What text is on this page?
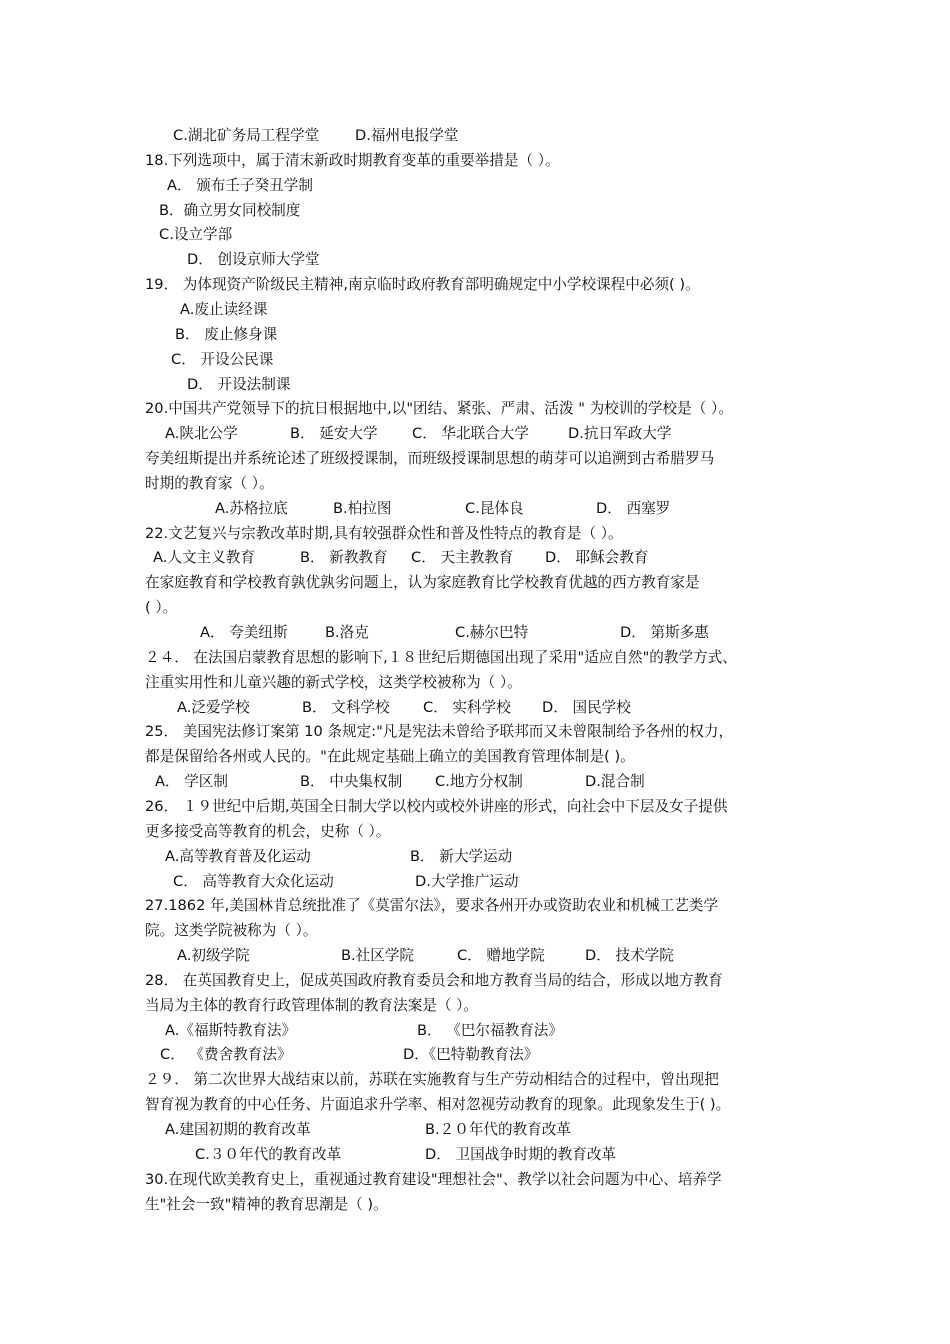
C.湖北矿务局工程学堂 D.福州电报学堂
18.下列选项中，属于清末新政时期教育变革的重要举措是（ ）。
A． 颁布壬子癸丑学制
B．确立男女同校制度
C.设立学部
D． 创设京师大学堂
19． 为体现资产阶级民主精神,南京临时政府教育部明确规定中小学校课程中必须( )。
A.废止读经课
B． 废止修身课
C． 开设公民课
D． 开设法制课
20.中国共产党领导下的抗日根据地中,以"团结、紧张、严肃、活泼 " 为校训的学校是（ ）。
A.陕北公学	B． 延安大学 C． 华北联合大学	D.抗日军政大学
夸美纽斯提出并系统论述了班级授课制，而班级授课制思想的萌芽可以追溯到古希腊罗马
时期的教育家（ ）。
A.苏格拉底	B.柏拉图	C.昆体良	D． 西塞罗
22.文艺复兴与宗教改革时期,具有较强群众性和普及性特点的教育是（ ）。
A.人文主义教育	B． 新教教育 C． 天主教教育 D． 耶稣会教育
在家庭教育和学校教育孰优孰劣问题上，认为家庭教育比学校教育优越的西方教育家是
( ）。
A． 夸美纽斯	B.洛克	C.赫尔巴特	D． 第斯多惠
２４． 在法国启蒙教育思想的影响下,１８世纪后期德国出现了采用"适应自然"的教学方式、
注重实用性和儿童兴趣的新式学校，这类学校被称为（ ）。
A.泛爱学校	B． 文科学校 C． 实科学校 D． 国民学校
25． 美国宪法修订案第 10 条规定:"凡是宪法未曾给予联邦而又未曾限制给予各州的权力，
都是保留给各州或人民的。"在此规定基础上确立的美国教育管理体制是( )。
A． 学区制	B． 中央集权制 C.地方分权制	D.混合制
26． １９世纪中后期,英国全日制大学以校内或校外讲座的形式，向社会中下层及女子提供
更多接受高等教育的机会，史称（ ）。
A.高等教育普及化运动	B． 新大学运动
C． 高等教育大众化运动	D.大学推广运动
27.1862 年,美国林肯总统批准了《莫雷尔法》，要求各州开办或资助农业和机械工艺类学
院。这类学院被称为（ ）。
A.初级学院	B.社区学院	C． 赠地学院	D． 技术学院
28． 在英国教育史上，促成英国政府教育委员会和地方教育当局的结合，形成以地方教育
当局为主体的教育行政管理体制的教育法案是（ ）。
A.《福斯特教育法》	B． 《巴尔福教育法》
C． 《费舍教育法》	D．《巴特勒教育法》
２９． 第二次世界大战结束以前，苏联在实施教育与生产劳动相结合的过程中，曾出现把
智育视为教育的中心任务、片面追求升学率、相对忽视劳动教育的现象。此现象发生于( )。
A.建国初期的教育改革	B.２０年代的教育改革
C.３０年代的教育改革	D． 卫国战争时期的教育改革
30.在现代欧美教育史上，重视通过教育建设"理想社会"、教学以社会问题为中心、培养学
生"社会一致"精神的教育思潮是（ )。
